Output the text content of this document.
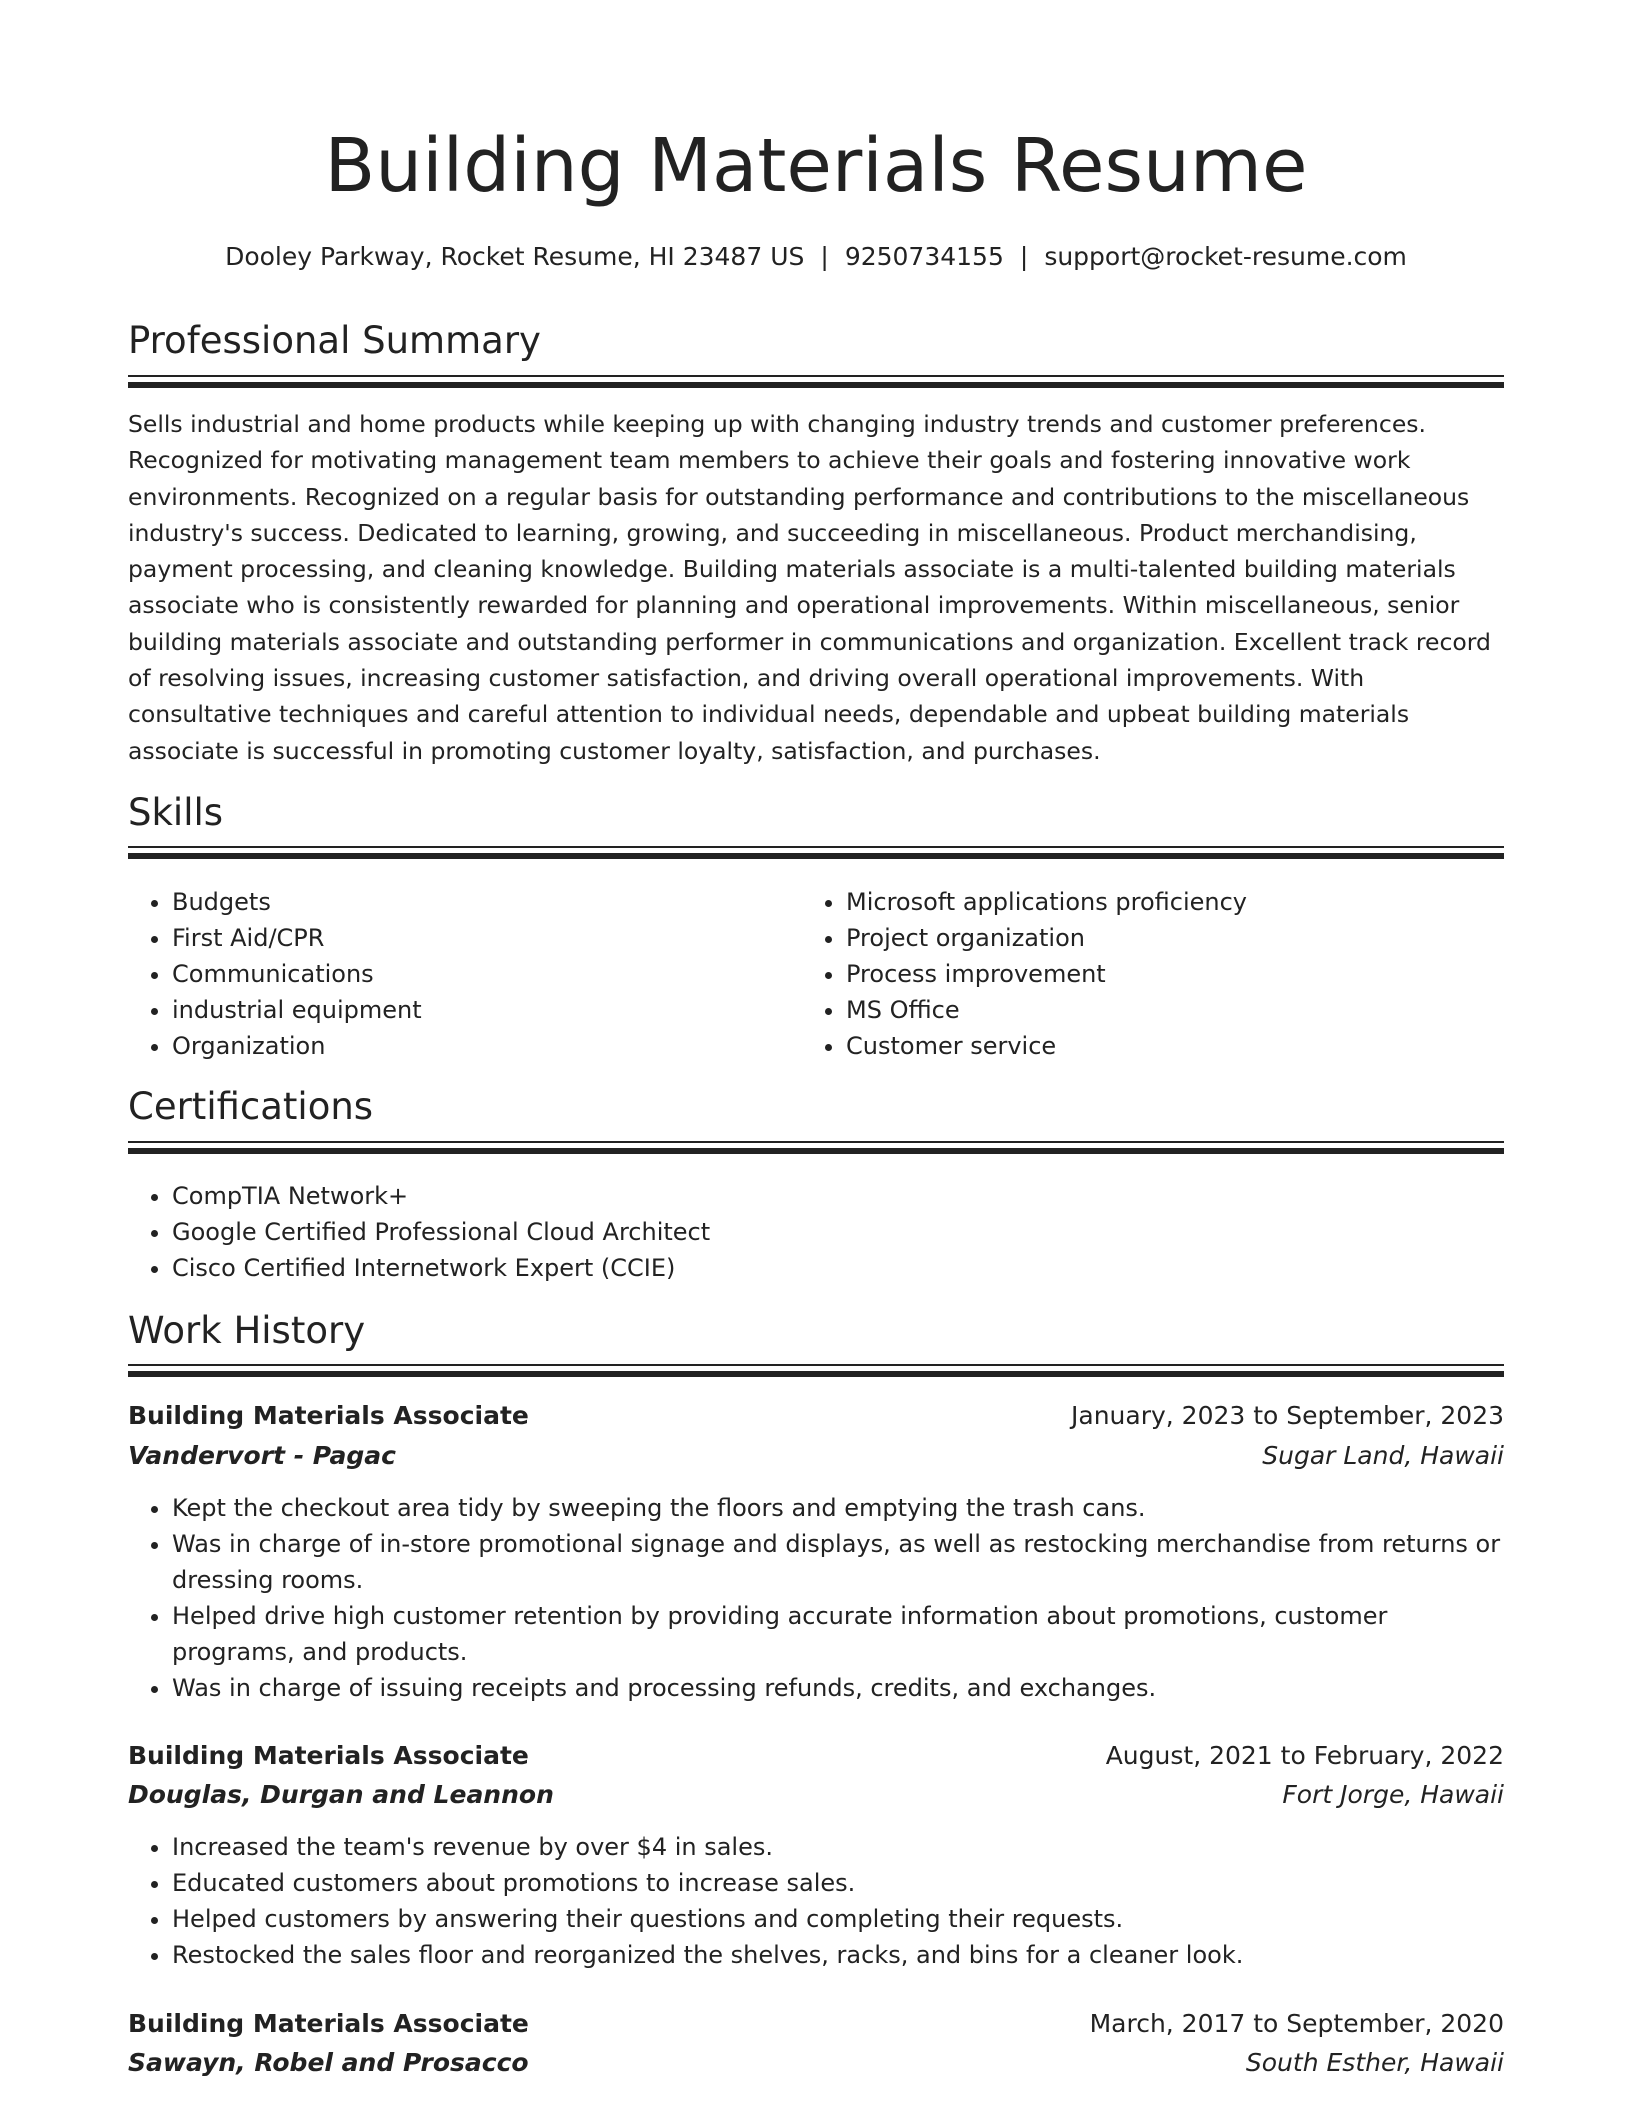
Building Materials Resume
Dooley Parkway, Rocket Resume, HI 23487 US | 9250734155 | support@rocket-resume.com
Professional Summary
Sells industrial and home products while keeping up with changing industry trends and customer preferences. Recognized for motivating management team members to achieve their goals and fostering innovative work environments. Recognized on a regular basis for outstanding performance and contributions to the miscellaneous industry's success. Dedicated to learning, growing, and succeeding in miscellaneous. Product merchandising, payment processing, and cleaning knowledge. Building materials associate is a multi-talented building materials associate who is consistently rewarded for planning and operational improvements. Within miscellaneous, senior building materials associate and outstanding performer in communications and organization. Excellent track record of resolving issues, increasing customer satisfaction, and driving overall operational improvements. With consultative techniques and careful attention to individual needs, dependable and upbeat building materials associate is successful in promoting customer loyalty, satisfaction, and purchases.
Skills
• Budgets
• First Aid/CPR
• Communications
• industrial equipment
• Organization
• Microsoft applications proficiency
• Project organization
• Process improvement
• MS Office
• Customer service
Certifications
• CompTIA Network+
• Google Certified Professional Cloud Architect
• Cisco Certified Internetwork Expert (CCIE)
Work History
Building Materials Associate	January, 2023 to September, 2023
Vandervort - Pagac	Sugar Land, Hawaii
• Kept the checkout area tidy by sweeping the floors and emptying the trash cans.
• Was in charge of in-store promotional signage and displays, as well as restocking merchandise from returns or dressing rooms.
• Helped drive high customer retention by providing accurate information about promotions, customer programs, and products.
• Was in charge of issuing receipts and processing refunds, credits, and exchanges.
Building Materials Associate	August, 2021 to February, 2022
Douglas, Durgan and Leannon	Fort Jorge, Hawaii
• Increased the team's revenue by over $4 in sales.
• Educated customers about promotions to increase sales.
• Helped customers by answering their questions and completing their requests.
• Restocked the sales floor and reorganized the shelves, racks, and bins for a cleaner look.
Building Materials Associate	March, 2017 to September, 2020
Sawayn, Robel and Prosacco	South Esther, Hawaii
